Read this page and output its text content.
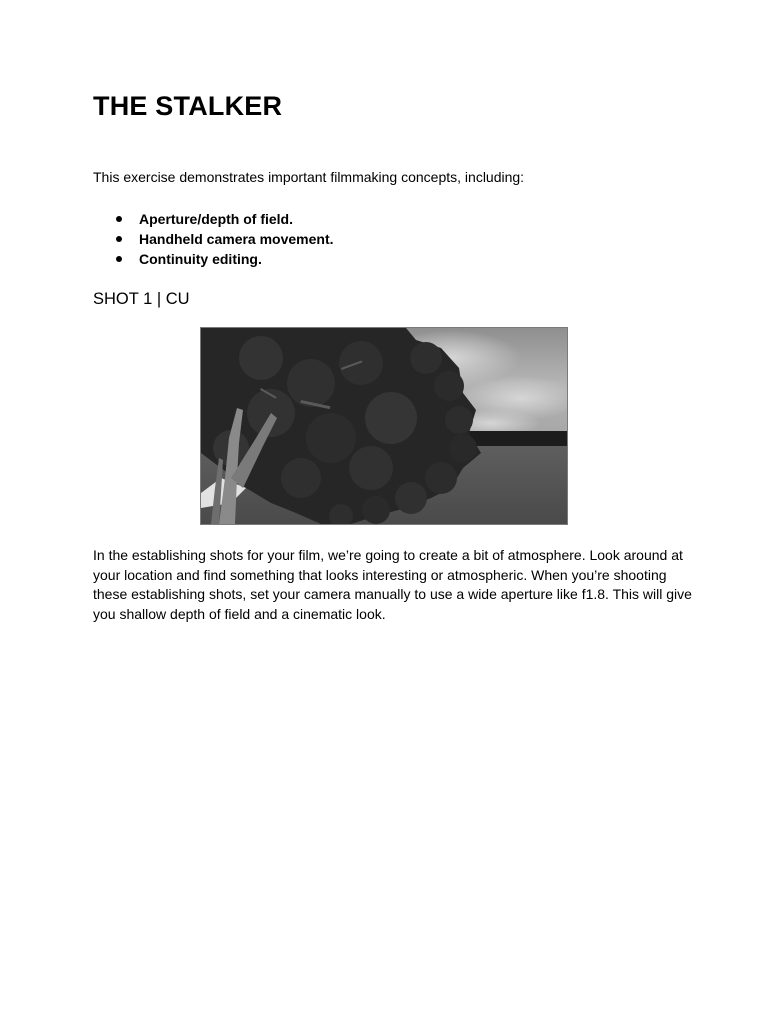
THE STALKER

This exercise demonstrates important filmmaking concepts, including:

Aperture/depth of field.
Handheld camera movement.
Continuity editing.
SHOT 1 | CU

In the establishing shots for your film, we’re going to create a bit of atmosphere. Look around at your location and find something that looks interesting or atmospheric. When you’re shooting these establishing shots, set your camera manually to use a wide aperture like f1.8. This will give you shallow depth of field and a cinematic look.
